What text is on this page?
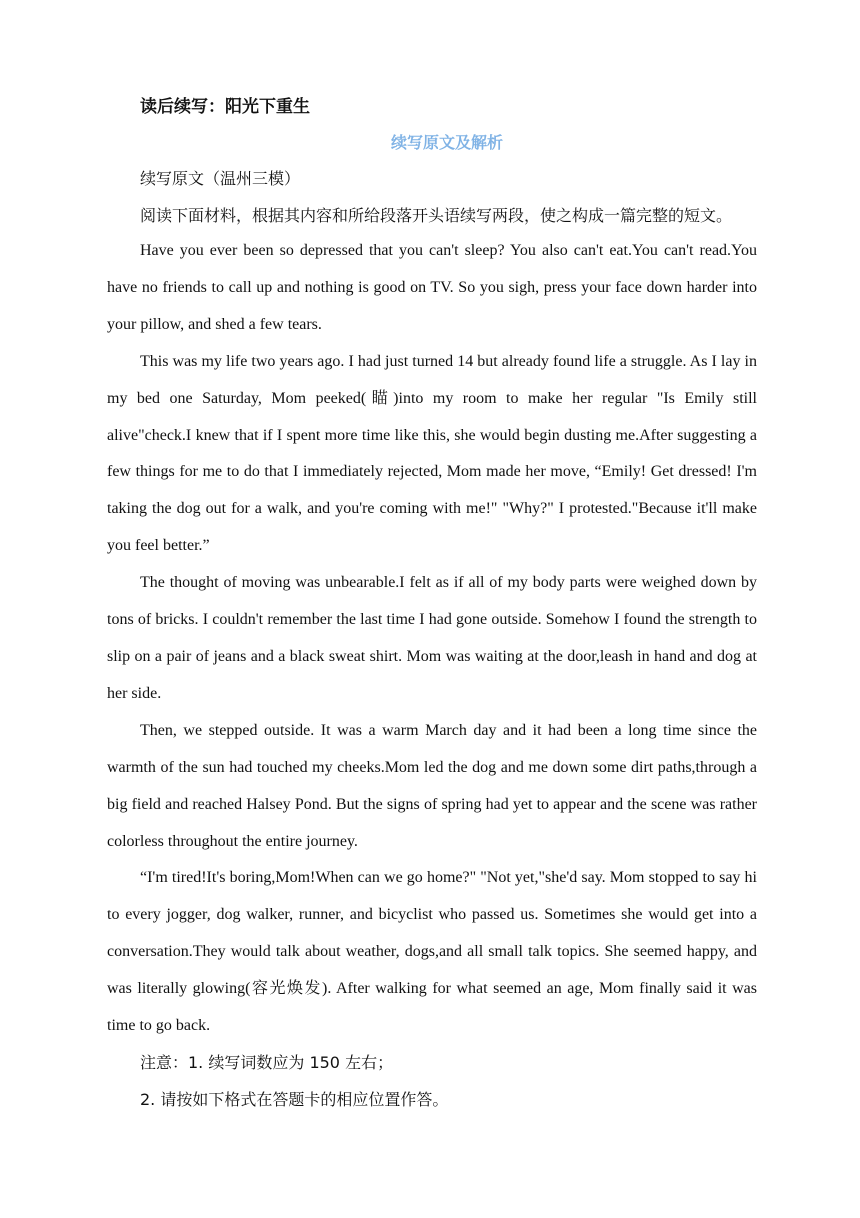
读后续写：阳光下重生
续写原文及解析
续写原文（温州三模）
阅读下面材料，根据其内容和所给段落开头语续写两段，使之构成一篇完整的短文。

Have you ever been so depressed that you can't sleep? You also can't eat.You can't read.You have no friends to call up and nothing is good on TV. So you sigh, press your face down harder into your pillow, and shed a few tears.

This was my life two years ago. I had just turned 14 but already found life a struggle. As I lay in my bed one Saturday, Mom peeked(瞄)into my room to make her regular "Is Emily still alive"check.I knew that if I spent more time like this, she would begin dusting me.After suggesting a few things for me to do that I immediately rejected, Mom made her move, “Emily! Get dressed! I'm taking the dog out for a walk, and you're coming with me!" "Why?" I protested."Because it'll make you feel better.”

The thought of moving was unbearable.I felt as if all of my body parts were weighed down by tons of bricks. I couldn't remember the last time I had gone outside. Somehow I found the strength to slip on a pair of jeans and a black sweat shirt. Mom was waiting at the door,leash in hand and dog at her side.

Then, we stepped outside. It was a warm March day and it had been a long time since the warmth of the sun had touched my cheeks.Mom led the dog and me down some dirt paths,through a big field and reached Halsey Pond. But the signs of spring had yet to appear and the scene was rather colorless throughout the entire journey.

“I'm tired!It's boring,Mom!When can we go home?" "Not yet,"she'd say. Mom stopped to say hi to every jogger, dog walker, runner, and bicyclist who passed us. Sometimes she would get into a conversation.They would talk about weather, dogs,and all small talk topics. She seemed happy, and was literally glowing(容光焕发). After walking for what seemed an age, Mom finally said it was time to go back.

注意：1. 续写词数应为 150 左右；
2. 请按如下格式在答题卡的相应位置作答。
